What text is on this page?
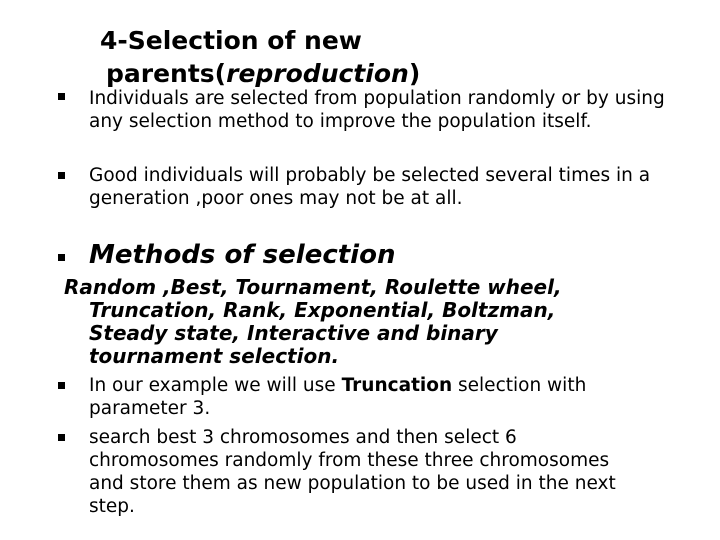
4-Selection of new
parents(reproduction)
Individuals are selected from population randomly or by using any selection method to improve the population itself.
Good individuals will probably be selected several times in a generation ,poor ones may not be at all.
Methods of selection
Random ,Best, Tournament, Roulette wheel,
Truncation, Rank, Exponential, Boltzman,
Steady state, Interactive and binary
tournament selection.
In our example we will use Truncation selection with parameter 3.
search best 3 chromosomes and then select 6 chromosomes randomly from these three chromosomes and store them as new population to be used in the next step.
